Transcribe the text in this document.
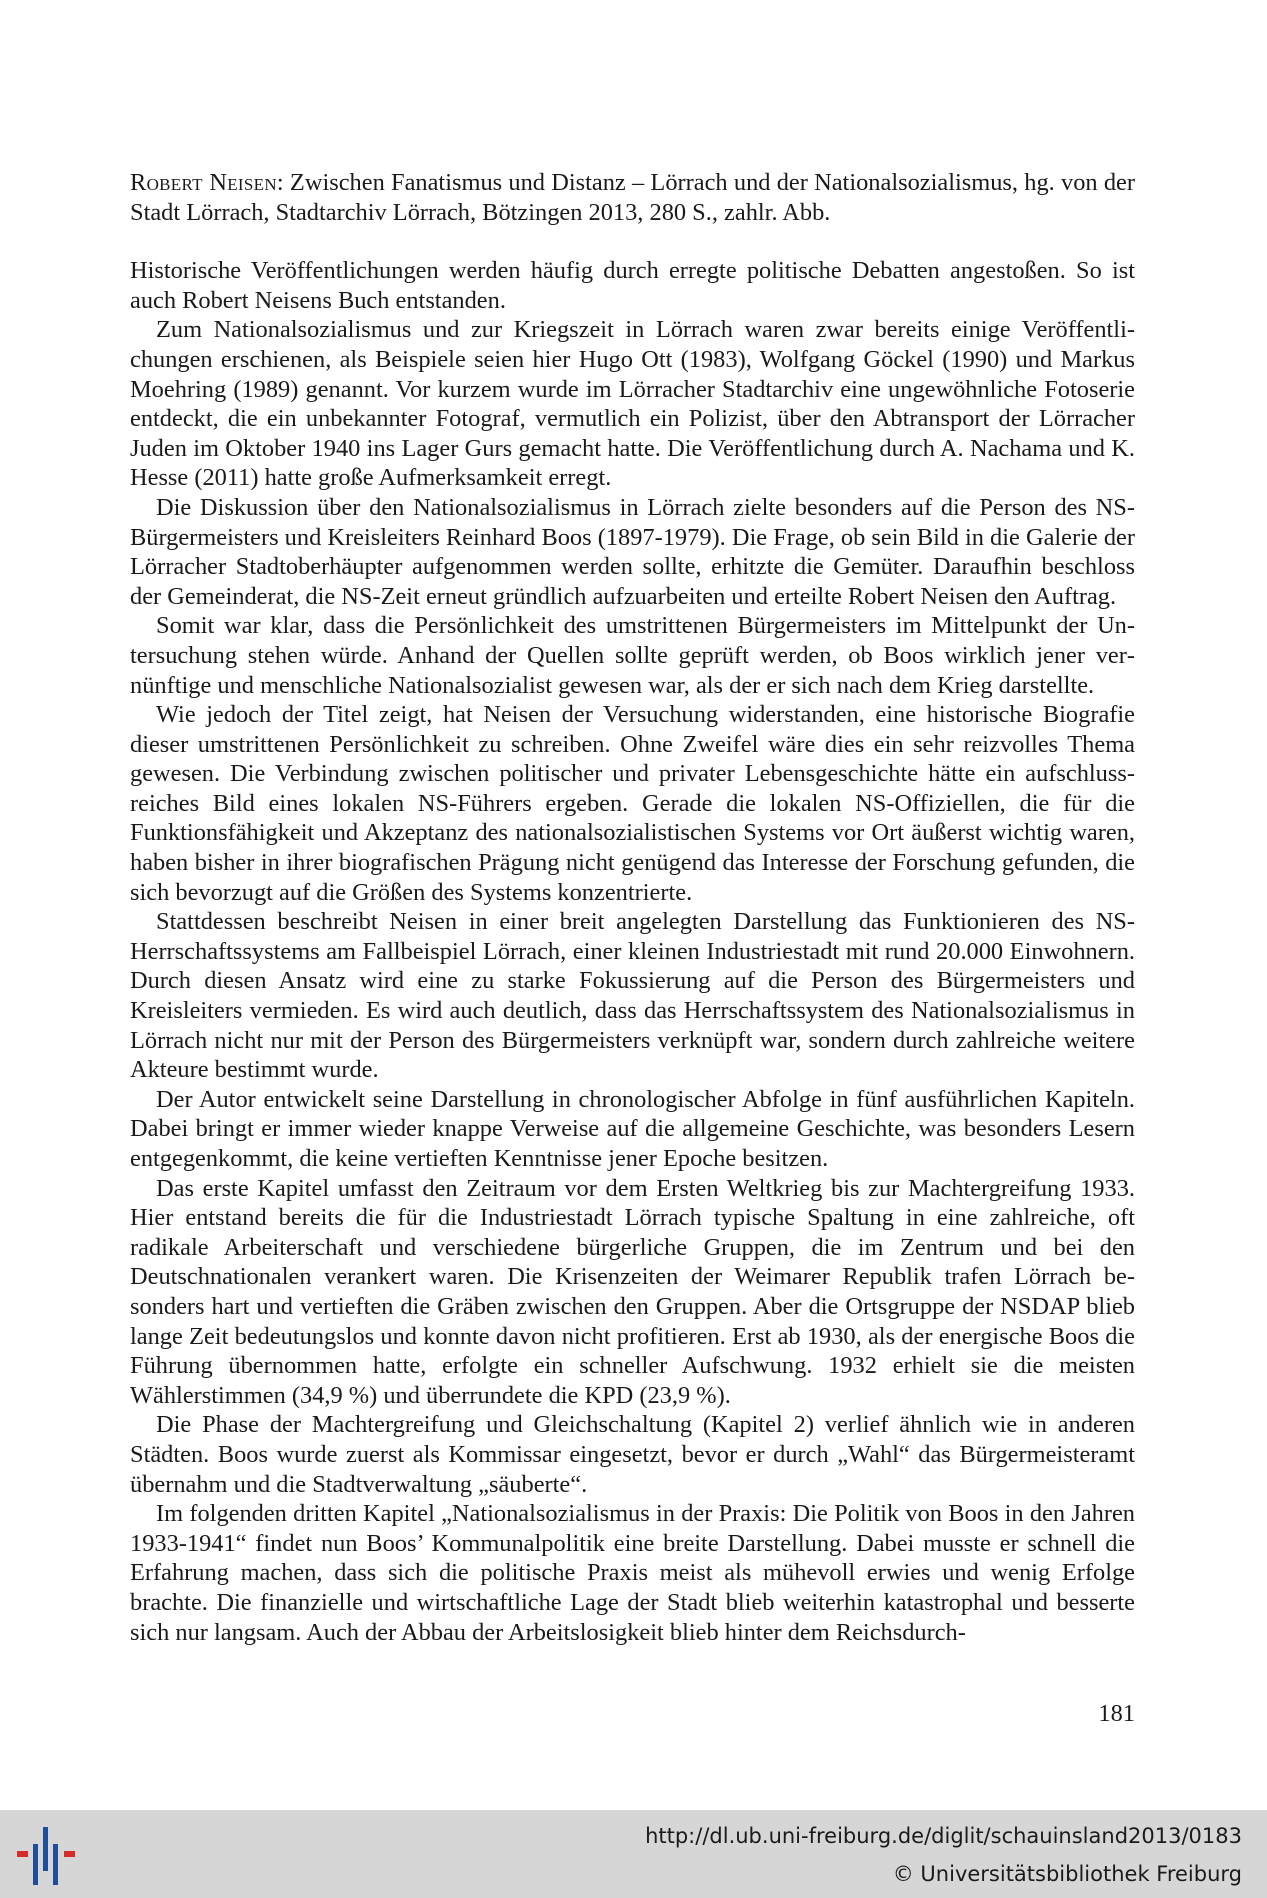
Robert Neisen: Zwischen Fanatismus und Distanz – Lörrach und der Nationalsozialismus, hg. von der Stadt Lörrach, Stadtarchiv Lörrach, Bötzingen 2013, 280 S., zahlr. Abb.

Historische Veröffentlichungen werden häufig durch erregte politische Debatten angestoßen. So ist auch Robert Neisens Buch entstanden.

Zum Nationalsozialismus und zur Kriegszeit in Lörrach waren zwar bereits einige Veröffentlichungen erschienen, als Beispiele seien hier Hugo Ott (1983), Wolfgang Göckel (1990) und Markus Moehring (1989) genannt. Vor kurzem wurde im Lörracher Stadtarchiv eine ungewöhnliche Fotoserie entdeckt, die ein unbekannter Fotograf, vermutlich ein Polizist, über den Abtransport der Lörracher Juden im Oktober 1940 ins Lager Gurs gemacht hatte. Die Veröffentlichung durch A. Nachama und K. Hesse (2011) hatte große Aufmerksamkeit erregt.

Die Diskussion über den Nationalsozialismus in Lörrach zielte besonders auf die Person des NS-Bürgermeisters und Kreisleiters Reinhard Boos (1897-1979). Die Frage, ob sein Bild in die Galerie der Lörracher Stadtoberhäupter aufgenommen werden sollte, erhitzte die Gemüter. Daraufhin beschloss der Gemeinderat, die NS-Zeit erneut gründlich aufzuarbeiten und erteilte Robert Neisen den Auftrag.

Somit war klar, dass die Persönlichkeit des umstrittenen Bürgermeisters im Mittelpunkt der Untersuchung stehen würde. Anhand der Quellen sollte geprüft werden, ob Boos wirklich jener vernünftige und menschliche Nationalsozialist gewesen war, als der er sich nach dem Krieg darstellte.

Wie jedoch der Titel zeigt, hat Neisen der Versuchung widerstanden, eine historische Biografie dieser umstrittenen Persönlichkeit zu schreiben. Ohne Zweifel wäre dies ein sehr reizvolles Thema gewesen. Die Verbindung zwischen politischer und privater Lebensgeschichte hätte ein aufschlussreiches Bild eines lokalen NS-Führers ergeben. Gerade die lokalen NS-Offiziellen, die für die Funktionsfähigkeit und Akzeptanz des nationalsozialistischen Systems vor Ort äußerst wichtig waren, haben bisher in ihrer biografischen Prägung nicht genügend das Interesse der Forschung gefunden, die sich bevorzugt auf die Größen des Systems konzentrierte.

Stattdessen beschreibt Neisen in einer breit angelegten Darstellung das Funktionieren des NS-Herrschaftssystems am Fallbeispiel Lörrach, einer kleinen Industriestadt mit rund 20.000 Einwohnern. Durch diesen Ansatz wird eine zu starke Fokussierung auf die Person des Bürgermeisters und Kreisleiters vermieden. Es wird auch deutlich, dass das Herrschaftssystem des Nationalsozialismus in Lörrach nicht nur mit der Person des Bürgermeisters verknüpft war, sondern durch zahlreiche weitere Akteure bestimmt wurde.

Der Autor entwickelt seine Darstellung in chronologischer Abfolge in fünf ausführlichen Kapiteln. Dabei bringt er immer wieder knappe Verweise auf die allgemeine Geschichte, was besonders Lesern entgegenkommt, die keine vertieften Kenntnisse jener Epoche besitzen.

Das erste Kapitel umfasst den Zeitraum vor dem Ersten Weltkrieg bis zur Machtergreifung 1933. Hier entstand bereits die für die Industriestadt Lörrach typische Spaltung in eine zahlreiche, oft radikale Arbeiterschaft und verschiedene bürgerliche Gruppen, die im Zentrum und bei den Deutschnationalen verankert waren. Die Krisenzeiten der Weimarer Republik trafen Lörrach besonders hart und vertieften die Gräben zwischen den Gruppen. Aber die Ortsgruppe der NSDAP blieb lange Zeit bedeutungslos und konnte davon nicht profitieren. Erst ab 1930, als der energische Boos die Führung übernommen hatte, erfolgte ein schneller Aufschwung. 1932 erhielt sie die meisten Wählerstimmen (34,9 %) und überrundete die KPD (23,9 %).

Die Phase der Machtergreifung und Gleichschaltung (Kapitel 2) verlief ähnlich wie in anderen Städten. Boos wurde zuerst als Kommissar eingesetzt, bevor er durch „Wahl“ das Bürgermeisteramt übernahm und die Stadtverwaltung „säuberte“.

Im folgenden dritten Kapitel „Nationalsozialismus in der Praxis: Die Politik von Boos in den Jahren 1933-1941“ findet nun Boos’ Kommunalpolitik eine breite Darstellung. Dabei musste er schnell die Erfahrung machen, dass sich die politische Praxis meist als mühevoll erwies und wenig Erfolge brachte. Die finanzielle und wirtschaftliche Lage der Stadt blieb weiterhin katastrophal und besserte sich nur langsam. Auch der Abbau der Arbeitslosigkeit blieb hinter dem Reichsdurch-

181
http://dl.ub.uni-freiburg.de/diglit/schauinsland2013/0183
© Universitätsbibliothek Freiburg
